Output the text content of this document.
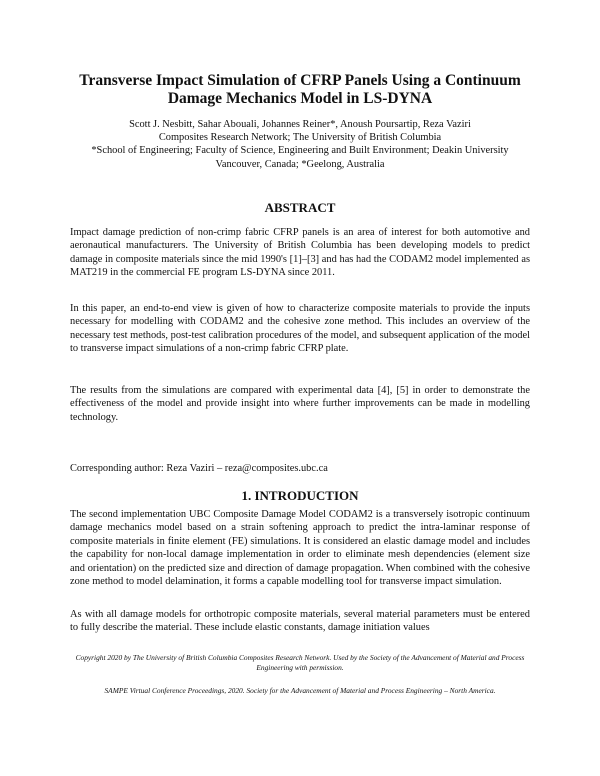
Transverse Impact Simulation of CFRP Panels Using a Continuum Damage Mechanics Model in LS-DYNA
Scott J. Nesbitt, Sahar Abouali, Johannes Reiner*, Anoush Poursartip, Reza Vaziri
Composites Research Network; The University of British Columbia
*School of Engineering; Faculty of Science, Engineering and Built Environment; Deakin University
Vancouver, Canada; *Geelong, Australia
ABSTRACT

Impact damage prediction of non-crimp fabric CFRP panels is an area of interest for both automotive and aeronautical manufacturers. The University of British Columbia has been developing models to predict damage in composite materials since the mid 1990's [1]–[3] and has had the CODAM2 model implemented as MAT219 in the commercial FE program LS-DYNA since 2011.

In this paper, an end-to-end view is given of how to characterize composite materials to provide the inputs necessary for modelling with CODAM2 and the cohesive zone method. This includes an overview of the necessary test methods, post-test calibration procedures of the model, and subsequent application of the model to transverse impact simulations of a non-crimp fabric CFRP plate.

The results from the simulations are compared with experimental data [4], [5] in order to demonstrate the effectiveness of the model and provide insight into where further improvements can be made in modelling technology.

Corresponding author: Reza Vaziri – reza@composites.ubc.ca
1. INTRODUCTION

The second implementation UBC Composite Damage Model CODAM2 is a transversely isotropic continuum damage mechanics model based on a strain softening approach to predict the intra-laminar response of composite materials in finite element (FE) simulations. It is considered an elastic damage model and includes the capability for non-local damage implementation in order to eliminate mesh dependencies (element size and orientation) on the predicted size and direction of damage propagation. When combined with the cohesive zone method to model delamination, it forms a capable modelling tool for transverse impact simulation.

As with all damage models for orthotropic composite materials, several material parameters must be entered to fully describe the material. These include elastic constants, damage initiation values

Copyright 2020 by The University of British Columbia Composites Research Network. Used by the Society of the Advancement of Material and Process Engineering with permission.
SAMPE Virtual Conference Proceedings, 2020. Society for the Advancement of Material and Process Engineering – North America.
